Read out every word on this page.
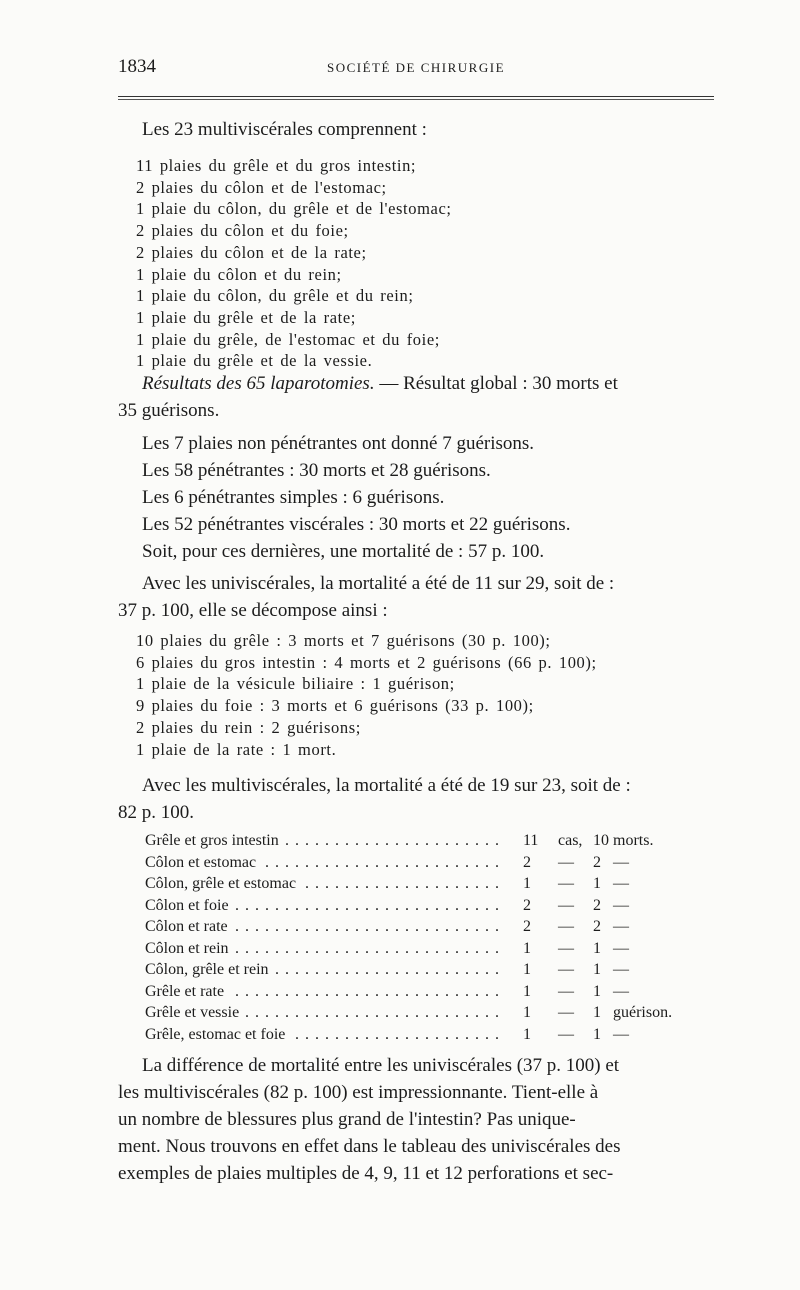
1834	SOCIÉTÉ DE CHIRURGIE
Les 23 multiviscérales comprennent :
11 plaies du grêle et du gros intestin;
2 plaies du côlon et de l'estomac;
1 plaie du côlon, du grêle et de l'estomac;
2 plaies du côlon et du foie;
2 plaies du côlon et de la rate;
1 plaie du côlon et du rein;
1 plaie du côlon, du grêle et du rein;
1 plaie du grêle et de la rate;
1 plaie du grêle, de l'estomac et du foie;
1 plaie du grêle et de la vessie.
Résultats des 65 laparotomies. — Résultat global : 30 morts et
35 guérisons.
Les 7 plaies non pénétrantes ont donné 7 guérisons.
Les 58 pénétrantes : 30 morts et 28 guérisons.
Les 6 pénétrantes simples : 6 guérisons.
Les 52 pénétrantes viscérales : 30 morts et 22 guérisons.
Soit, pour ces dernières, une mortalité de : 57 p. 100.
Avec les univiscérales, la mortalité a été de 11 sur 29, soit de :
37 p. 100, elle se décompose ainsi :
10 plaies du grêle : 3 morts et 7 guérisons (30 p. 100);
6 plaies du gros intestin : 4 morts et 2 guérisons (66 p. 100);
1 plaie de la vésicule biliaire : 1 guérison;
9 plaies du foie : 3 morts et 6 guérisons (33 p. 100);
2 plaies du rein : 2 guérisons;
1 plaie de la rate : 1 mort.
Avec les multiviscérales, la mortalité a été de 19 sur 23, soit de :
82 p. 100.
Grêle et gros intestin . . .	11	cas, 10 morts.
Côlon et estomac . . .	2	—	2 —
Côlon, grêle et estomac . . .	1	—	1 —
Côlon et foie . . .	2	—	2 —
Côlon et rate . . .	2	—	2 —
Côlon et rein . . .	1	—	1 —
Côlon, grêle et rein . . .	1	—	1 —
Grêle et rate . . .	1	—	1 —
Grêle et vessie . . .	1	—	1 guérison.
Grêle, estomac et foie . . .	1	—	1 —
La différence de mortalité entre les univiscérales (37 p. 100) et
les multiviscérales (82 p. 100) est impressionnante. Tient-elle à
un nombre de blessures plus grand de l'intestin? Pas unique-
ment. Nous trouvons en effet dans le tableau des univiscérales des
exemples de plaies multiples de 4, 9, 11 et 12 perforations et sec-
